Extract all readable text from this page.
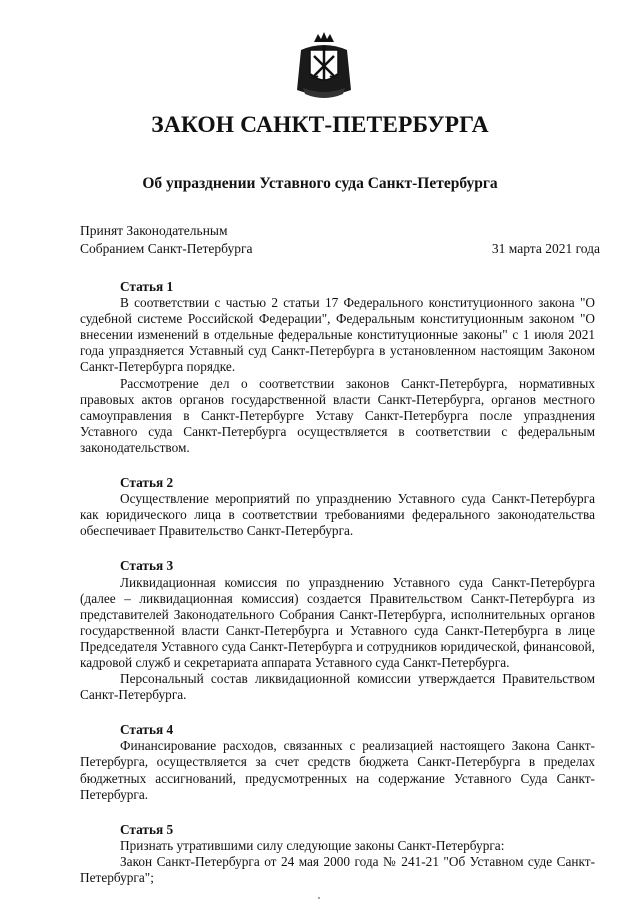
ЗАКОН САНКТ-ПЕТЕРБУРГА
Об упразднении Уставного суда Санкт-Петербурга
Принят Законодательным
Собранием Санкт-Петербурга	31 марта 2021 года
Статья 1

В соответствии с частью 2 статьи 17 Федерального конституционного закона "О судебной системе Российской Федерации", Федеральным конституционным законом "О внесении изменений в отдельные федеральные конституционные законы" с 1 июля 2021 года упраздняется Уставный суд Санкт-Петербурга в установленном настоящим Законом Санкт-Петербурга порядке.

Рассмотрение дел о соответствии законов Санкт-Петербурга, нормативных правовых актов органов государственной власти Санкт-Петербурга, органов местного самоуправления в Санкт-Петербурге Уставу Санкт-Петербурга после упразднения Уставного суда Санкт-Петербурга осуществляется в соответствии с федеральным законодательством.

Статья 2

Осуществление мероприятий по упразднению Уставного суда Санкт-Петербурга как юридического лица в соответствии требованиями федерального законодательства обеспечивает Правительство Санкт-Петербурга.

Статья 3

Ликвидационная комиссия по упразднению Уставного суда Санкт-Петербурга (далее – ликвидационная комиссия) создается Правительством Санкт-Петербурга из представителей Законодательного Собрания Санкт-Петербурга, исполнительных органов государственной власти Санкт-Петербурга и Уставного суда Санкт-Петербурга в лице Председателя Уставного суда Санкт-Петербурга и сотрудников юридической, финансовой, кадровой служб и секретариата аппарата Уставного суда Санкт-Петербурга.

Персональный состав ликвидационной комиссии утверждается Правительством Санкт-Петербурга.

Статья 4

Финансирование расходов, связанных с реализацией настоящего Закона Санкт-Петербурга, осуществляется за счет средств бюджета Санкт-Петербурга в пределах бюджетных ассигнований, предусмотренных на содержание Уставного Суда Санкт-Петербурга.

Статья 5

Признать утратившими силу следующие законы Санкт-Петербурга:

Закон Санкт-Петербурга от 24 мая 2000 года № 241-21 "Об Уставном суде Санкт-Петербурга";
